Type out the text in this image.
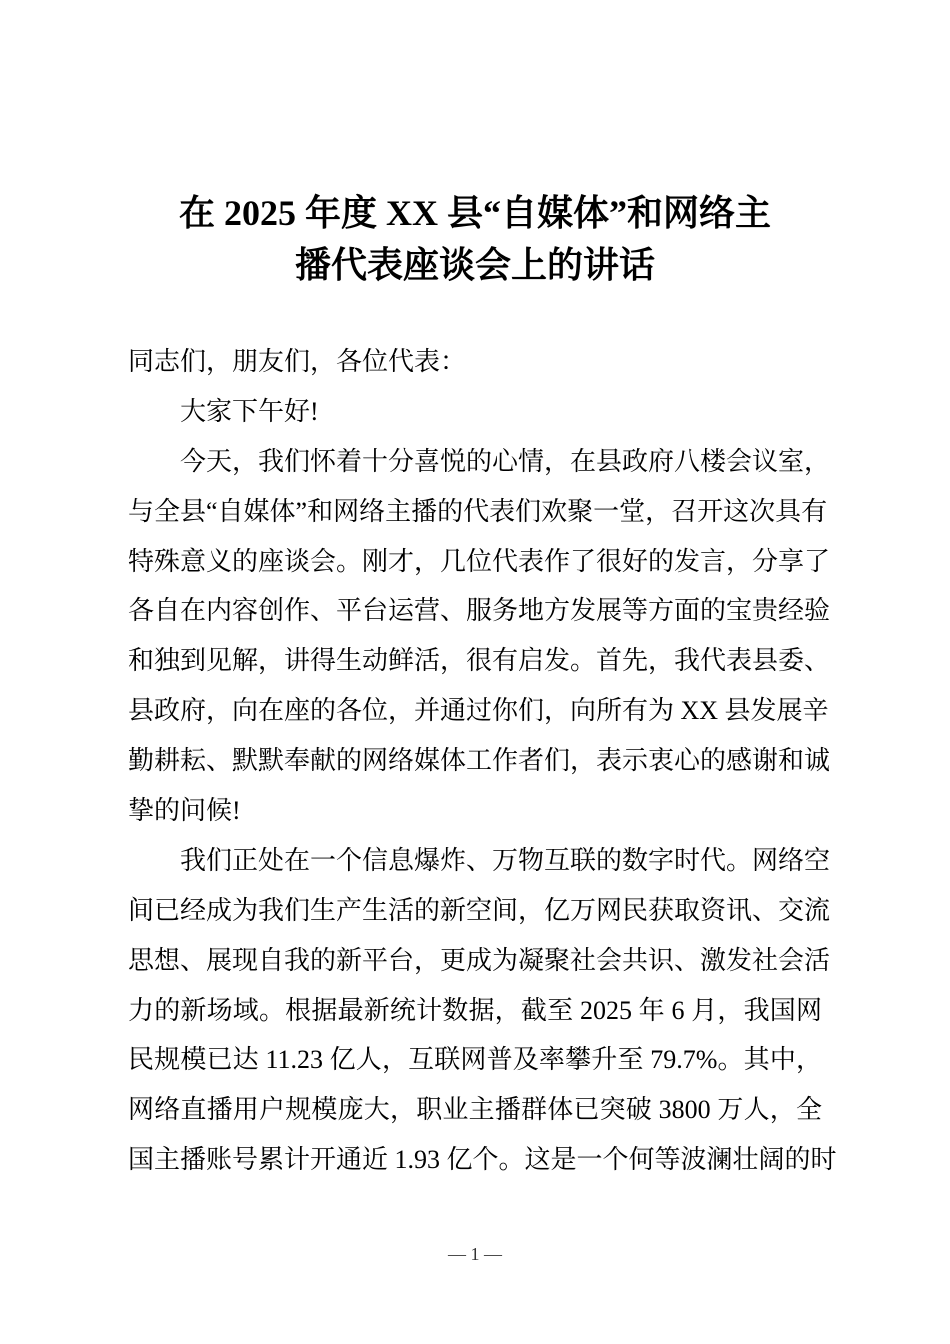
在 2025 年度 XX 县“自媒体”和网络主
播代表座谈会上的讲话
同志们，朋友们，各位代表：
大家下午好!
今天，我们怀着十分喜悦的心情，在县政府八楼会议室，
与全县“自媒体”和网络主播的代表们欢聚一堂，召开这次具有
特殊意义的座谈会。刚才，几位代表作了很好的发言，分享了
各自在内容创作、平台运营、服务地方发展等方面的宝贵经验
和独到见解，讲得生动鲜活，很有启发。首先，我代表县委、
县政府，向在座的各位，并通过你们，向所有为 XX 县发展辛
勤耕耘、默默奉献的网络媒体工作者们，表示衷心的感谢和诚
挚的问候!
我们正处在一个信息爆炸、万物互联的数字时代。网络空
间已经成为我们生产生活的新空间，亿万网民获取资讯、交流
思想、展现自我的新平台，更成为凝聚社会共识、激发社会活
力的新场域。根据最新统计数据，截至 2025 年 6 月，我国网
民规模已达 11.23 亿人，互联网普及率攀升至 79.7%。其中，
网络直播用户规模庞大，职业主播群体已突破 3800 万人，全
国主播账号累计开通近 1.93 亿个。这是一个何等波澜壮阔的时
— 1 —
